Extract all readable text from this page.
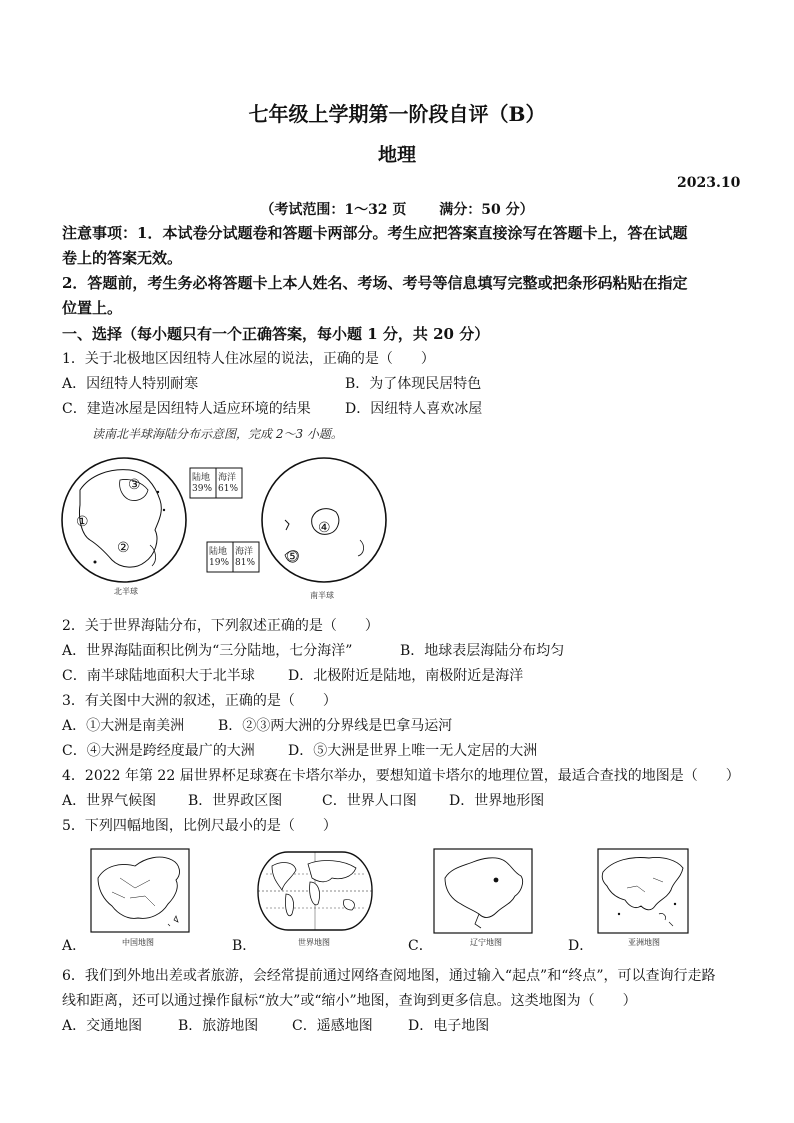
七年级上学期第一阶段自评（B）
地理
2023.10
（考试范围：1～32 页　　 满分：50 分）
注意事项：1．本试卷分试题卷和答题卡两部分。考生应把答案直接涂写在答题卡上，答在试题
卷上的答案无效。
2．答题前，考生务必将答题卡上本人姓名、考场、考号等信息填写完整或把条形码粘贴在指定
位置上。
一、选择（每小题只有一个正确答案，每小题 1 分，共 20 分）
1．关于北极地区因纽特人住冰屋的说法，正确的是（　　）
A．因纽特人特别耐寒	B．为了体现民居特色
C．建造冰屋是因纽特人适应环境的结果 D．因纽特人喜欢冰屋
读南北半球海陆分布示意图，完成 2～3 小题。
陆地
39%
海洋
61%
陆地
19%
海洋
81%
③
①
②
④
⑤
北半球	南半球
2．关于世界海陆分布，下列叙述正确的是（　　）
A．世界海陆面积比例为“三分陆地，七分海洋”	B．地球表层海陆分布均匀
C．南半球陆地面积大于北半球 D．北极附近是陆地，南极附近是海洋
3．有关图中大洲的叙述，正确的是（　　）
A．①大洲是南美洲 B．②③两大洲的分界线是巴拿马运河
C．④大洲是跨经度最广的大洲 D．⑤大洲是世界上唯一无人定居的大洲
4．2022 年第 22 届世界杯足球赛在卡塔尔举办，要想知道卡塔尔的地理位置，最适合查找的地图是（　　）
A．世界气候图 B．世界政区图	C．世界人口图 D．世界地形图
5．下列四幅地图，比例尺最小的是（　　）
中国地图	世界地图	辽宁地图	亚洲地图
A．	B．	C．	D．
6．我们到外地出差或者旅游，会经常提前通过网络查阅地图，通过输入“起点”和“终点”，可以查询行走路
线和距离，还可以通过操作鼠标“放大”或“缩小”地图，查询到更多信息。这类地图为（　　）
A．交通地图	B．旅游地图 C．遥感地图	D．电子地图
